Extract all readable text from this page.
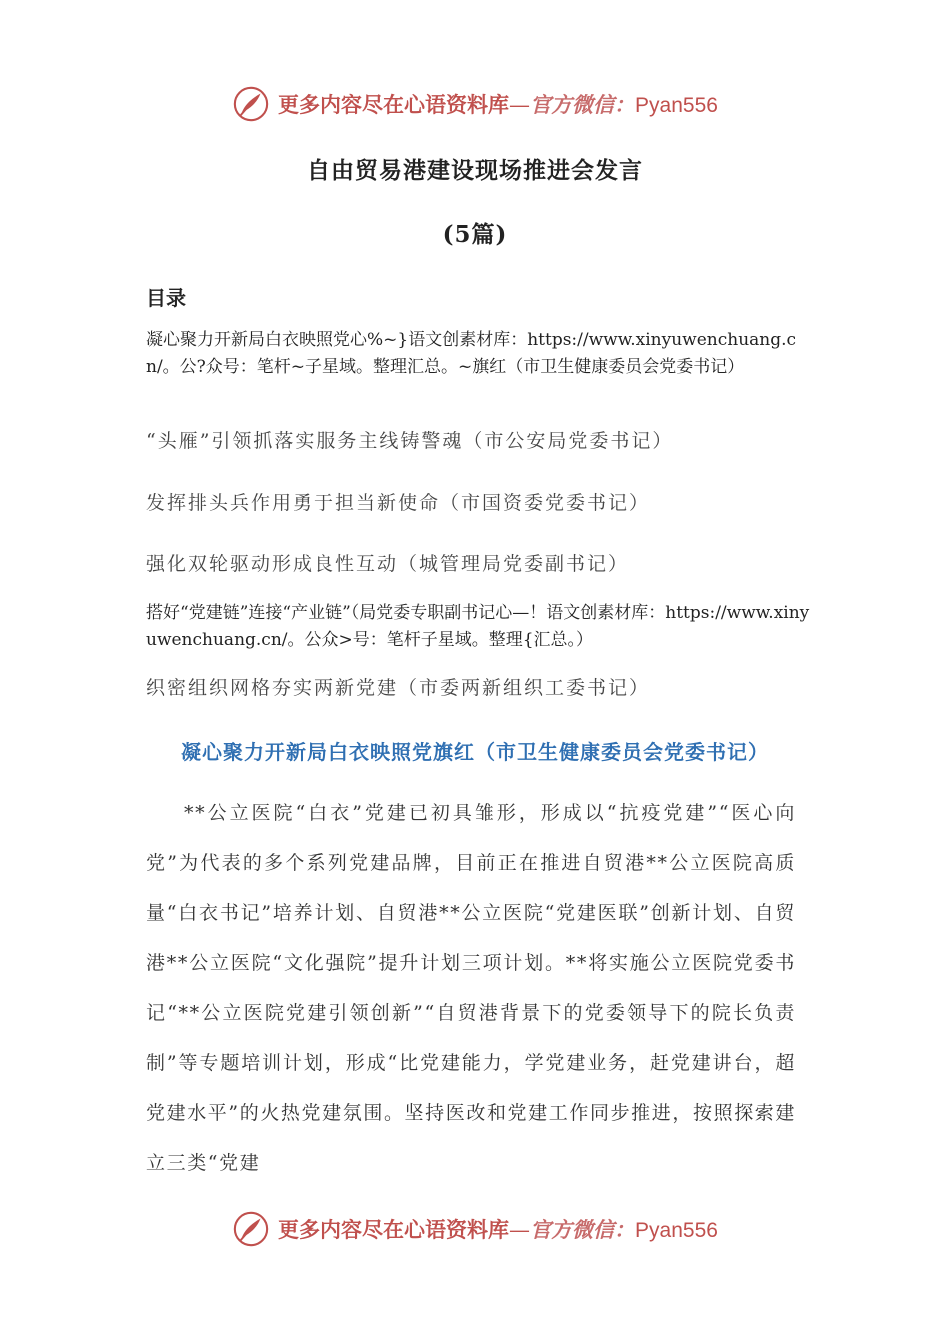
更多内容尽在心语资料库—官方微信：Pyan556
自由贸易港建设现场推进会发言
(5篇)
目录

凝心聚力开新局白衣映照党心%~}语文创素材库：https://www.xinyuwenchuang.cn/。公?众号：笔杆~子星域。整理汇总。~旗红（市卫生健康委员会党委书记）

“头雁”引领抓落实服务主线铸警魂（市公安局党委书记）

发挥排头兵作用勇于担当新使命（市国资委党委书记）

强化双轮驱动形成良性互动（城管理局党委副书记）

搭好“党建链”连接“产业链”（局党委专职副书记心—！语文创素材库：https://www.xinyuwenchuang.cn/。公众>号：笔杆子星域。整理{汇总。）

织密组织网格夯实两新党建（市委两新组织工委书记）

凝心聚力开新局白衣映照党旗红（市卫生健康委员会党委书记）

**公立医院“白衣”党建已初具雏形，形成以“抗疫党建”“医心向党”为代表的多个系列党建品牌，目前正在推进自贸港**公立医院高质量“白衣书记”培养计划、自贸港**公立医院“党建医联”创新计划、自贸港**公立医院“文化强院”提升计划三项计划。**将实施公立医院党委书记“**公立医院党建引领创新”“自贸港背景下的党委领导下的院长负责制”等专题培训计划，形成“比党建能力，学党建业务，赶党建讲台，超党建水平”的火热党建氛围。坚持医改和党建工作同步推进，按照探索建立三类“党建

更多内容尽在心语资料库—官方微信：Pyan556
